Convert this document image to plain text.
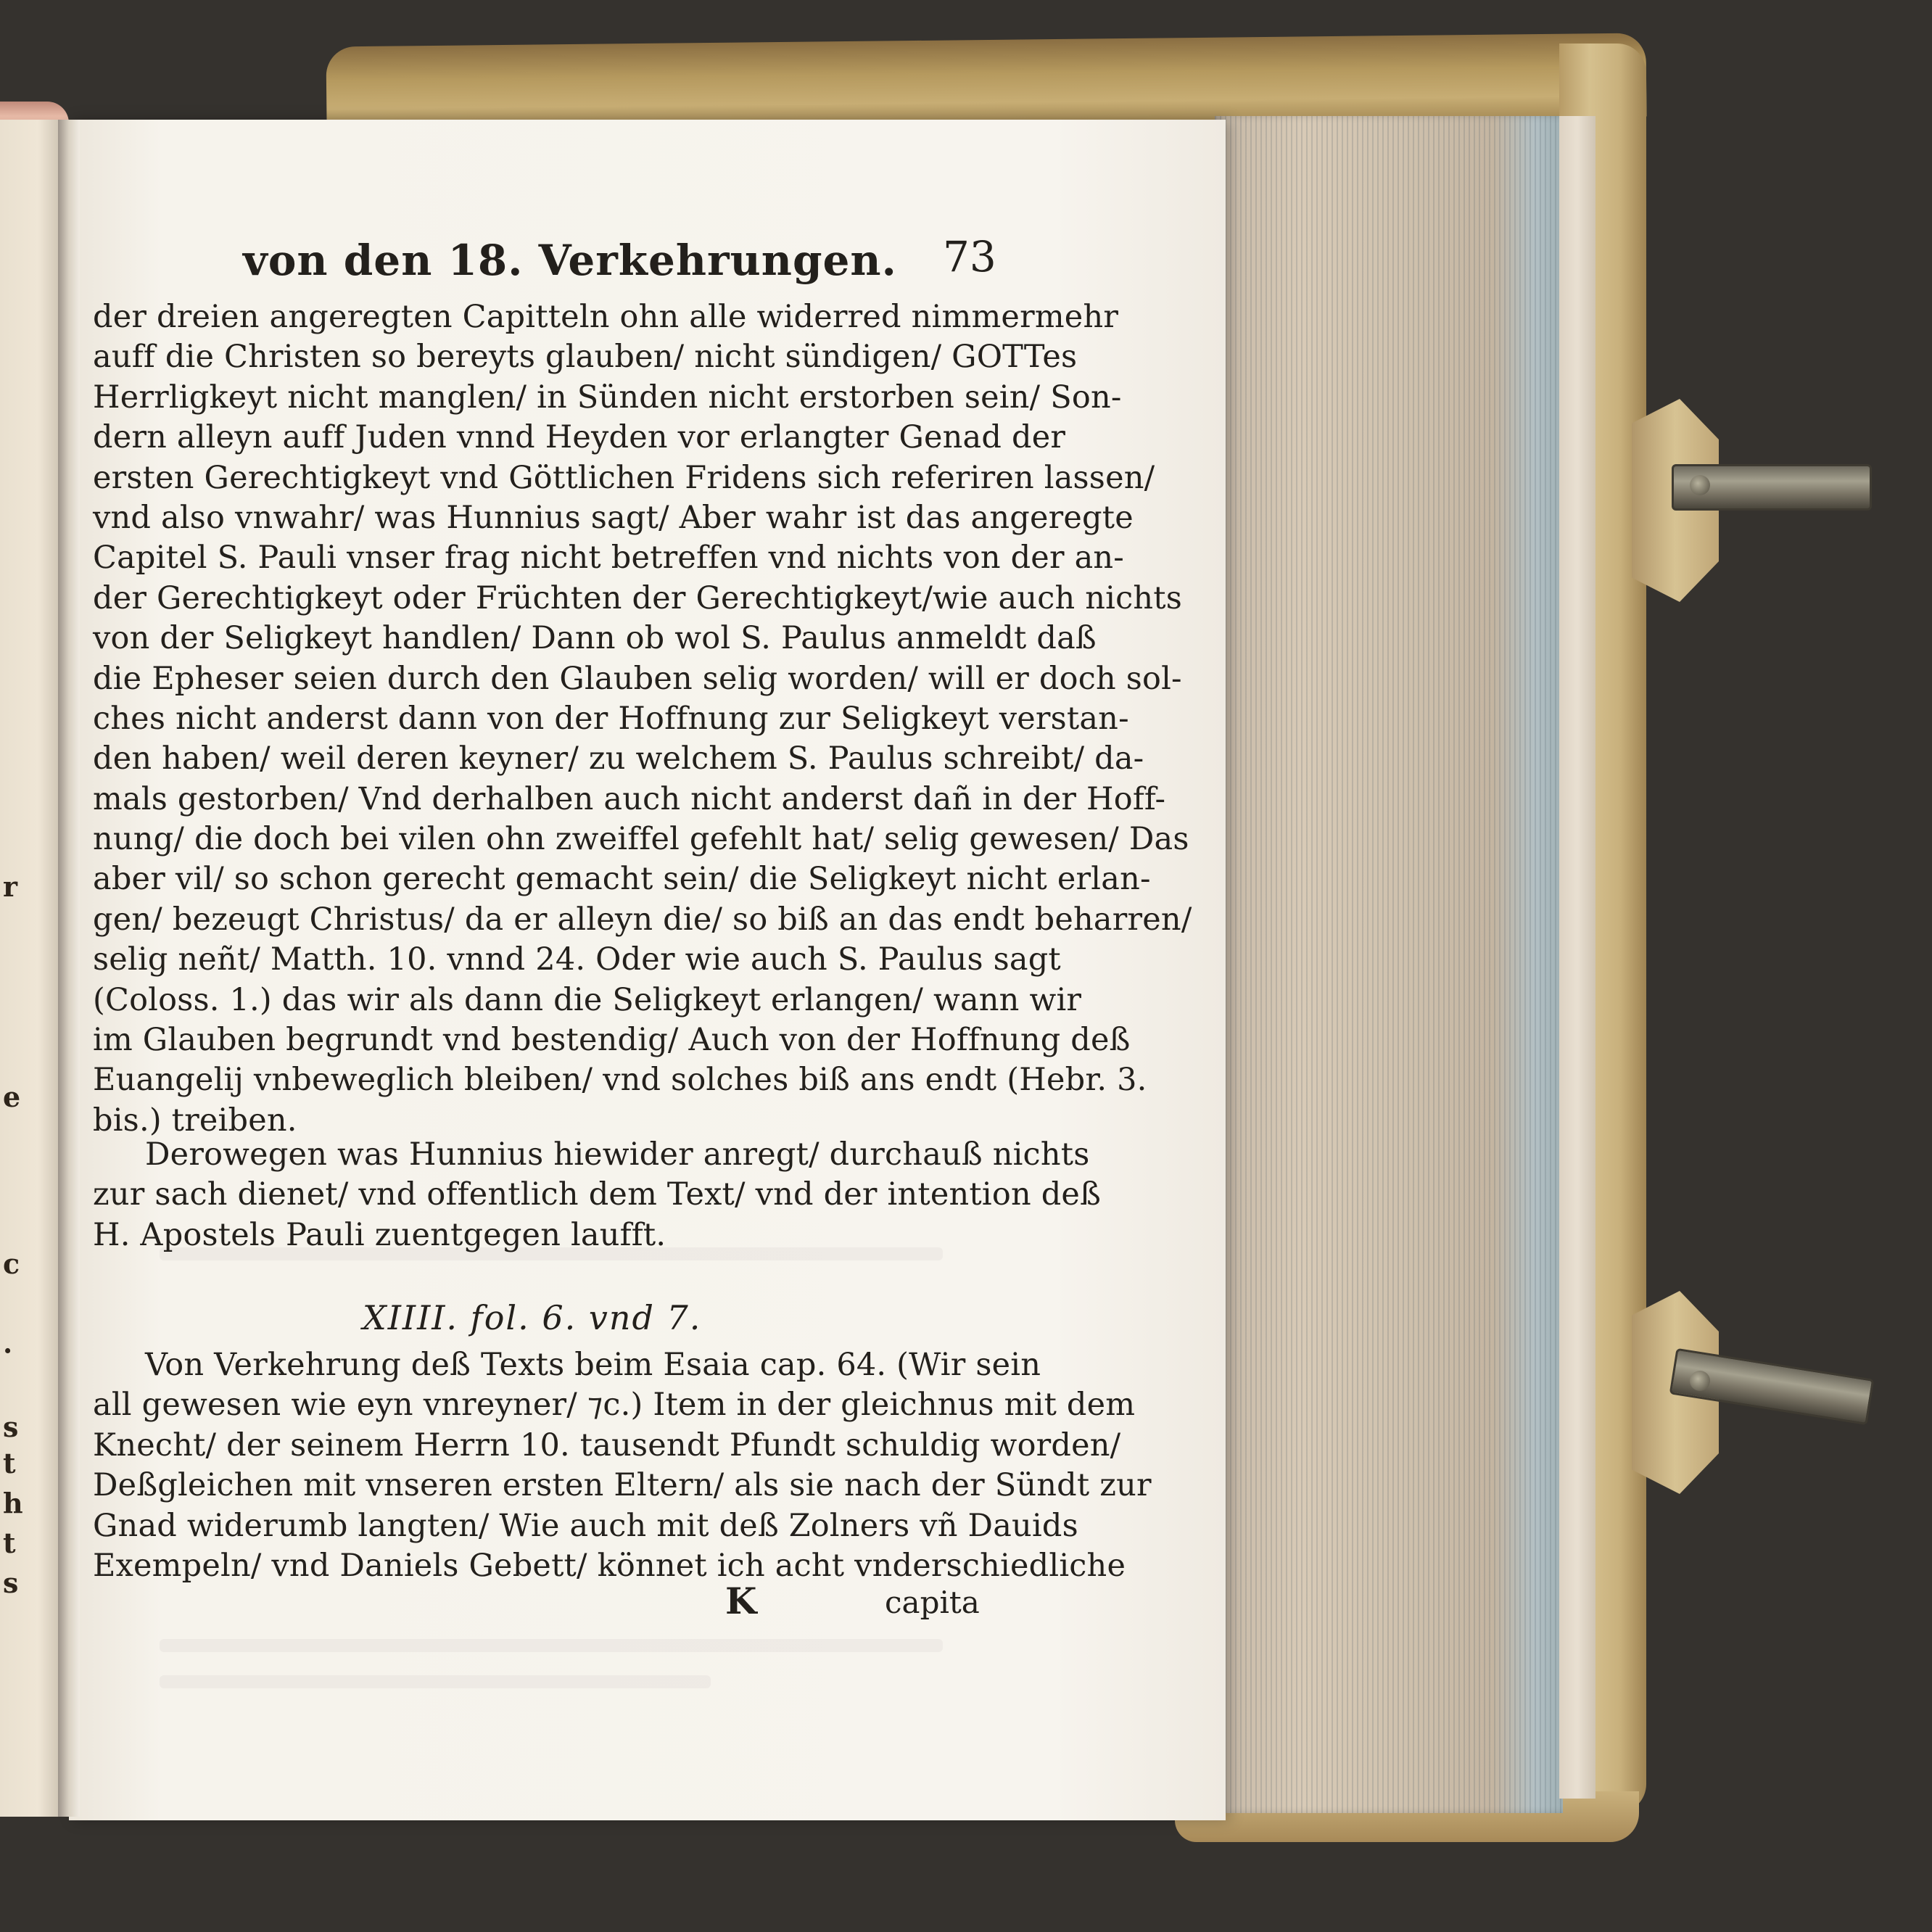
r
e
c
·
s
t
h
t
s
von den 18. Verkehrungen. 73
der dreien angeregten Capitteln ohn alle widerred nimmermehr
auff die Christen so bereyts glauben/ nicht sündigen/ GOTTes
Herrligkeyt nicht manglen/ in Sünden nicht erstorben sein/ Son-
dern alleyn auff Juden vnnd Heyden vor erlangter Genad der
ersten Gerechtigkeyt vnd Göttlichen Fridens sich referiren lassen/
vnd also vnwahr/ was Hunnius sagt/ Aber wahr ist das angeregte
Capitel S. Pauli vnser frag nicht betreffen vnd nichts von der an-
der Gerechtigkeyt oder Früchten der Gerechtigkeyt/wie auch nichts
von der Seligkeyt handlen/ Dann ob wol S. Paulus anmeldt daß
die Epheser seien durch den Glauben selig worden/ will er doch sol-
ches nicht anderst dann von der Hoffnung zur Seligkeyt verstan-
den haben/ weil deren keyner/ zu welchem S. Paulus schreibt/ da-
mals gestorben/ Vnd derhalben auch nicht anderst dañ in der Hoff-
nung/ die doch bei vilen ohn zweiffel gefehlt hat/ selig gewesen/ Das
aber vil/ so schon gerecht gemacht sein/ die Seligkeyt nicht erlan-
gen/ bezeugt Christus/ da er alleyn die/ so biß an das endt beharren/
selig neñt/ Matth. 10. vnnd 24. Oder wie auch S. Paulus sagt
(Coloss. 1.) das wir als dann die Seligkeyt erlangen/ wann wir
im Glauben begrundt vnd bestendig/ Auch von der Hoffnung deß
Euangelij vnbeweglich bleiben/ vnd solches biß ans endt (Hebr. 3.
bis.) treiben.
Derowegen was Hunnius hiewider anregt/ durchauß nichts
zur sach dienet/ vnd offentlich dem Text/ vnd der intention deß
H. Apostels Pauli zuentgegen laufft.
XIIII. fol. 6. vnd 7.
Von Verkehrung deß Texts beim Esaia cap. 64. (Wir sein
all gewesen wie eyn vnreyner/ ⁊c.) Item in der gleichnus mit dem
Knecht/ der seinem Herrn 10. tausendt Pfundt schuldig worden/
Deßgleichen mit vnseren ersten Eltern/ als sie nach der Sündt zur
Gnad widerumb langten/ Wie auch mit deß Zolners vñ Dauids
Exempeln/ vnd Daniels Gebett/ könnet ich acht vnderschiedliche
K	capita
